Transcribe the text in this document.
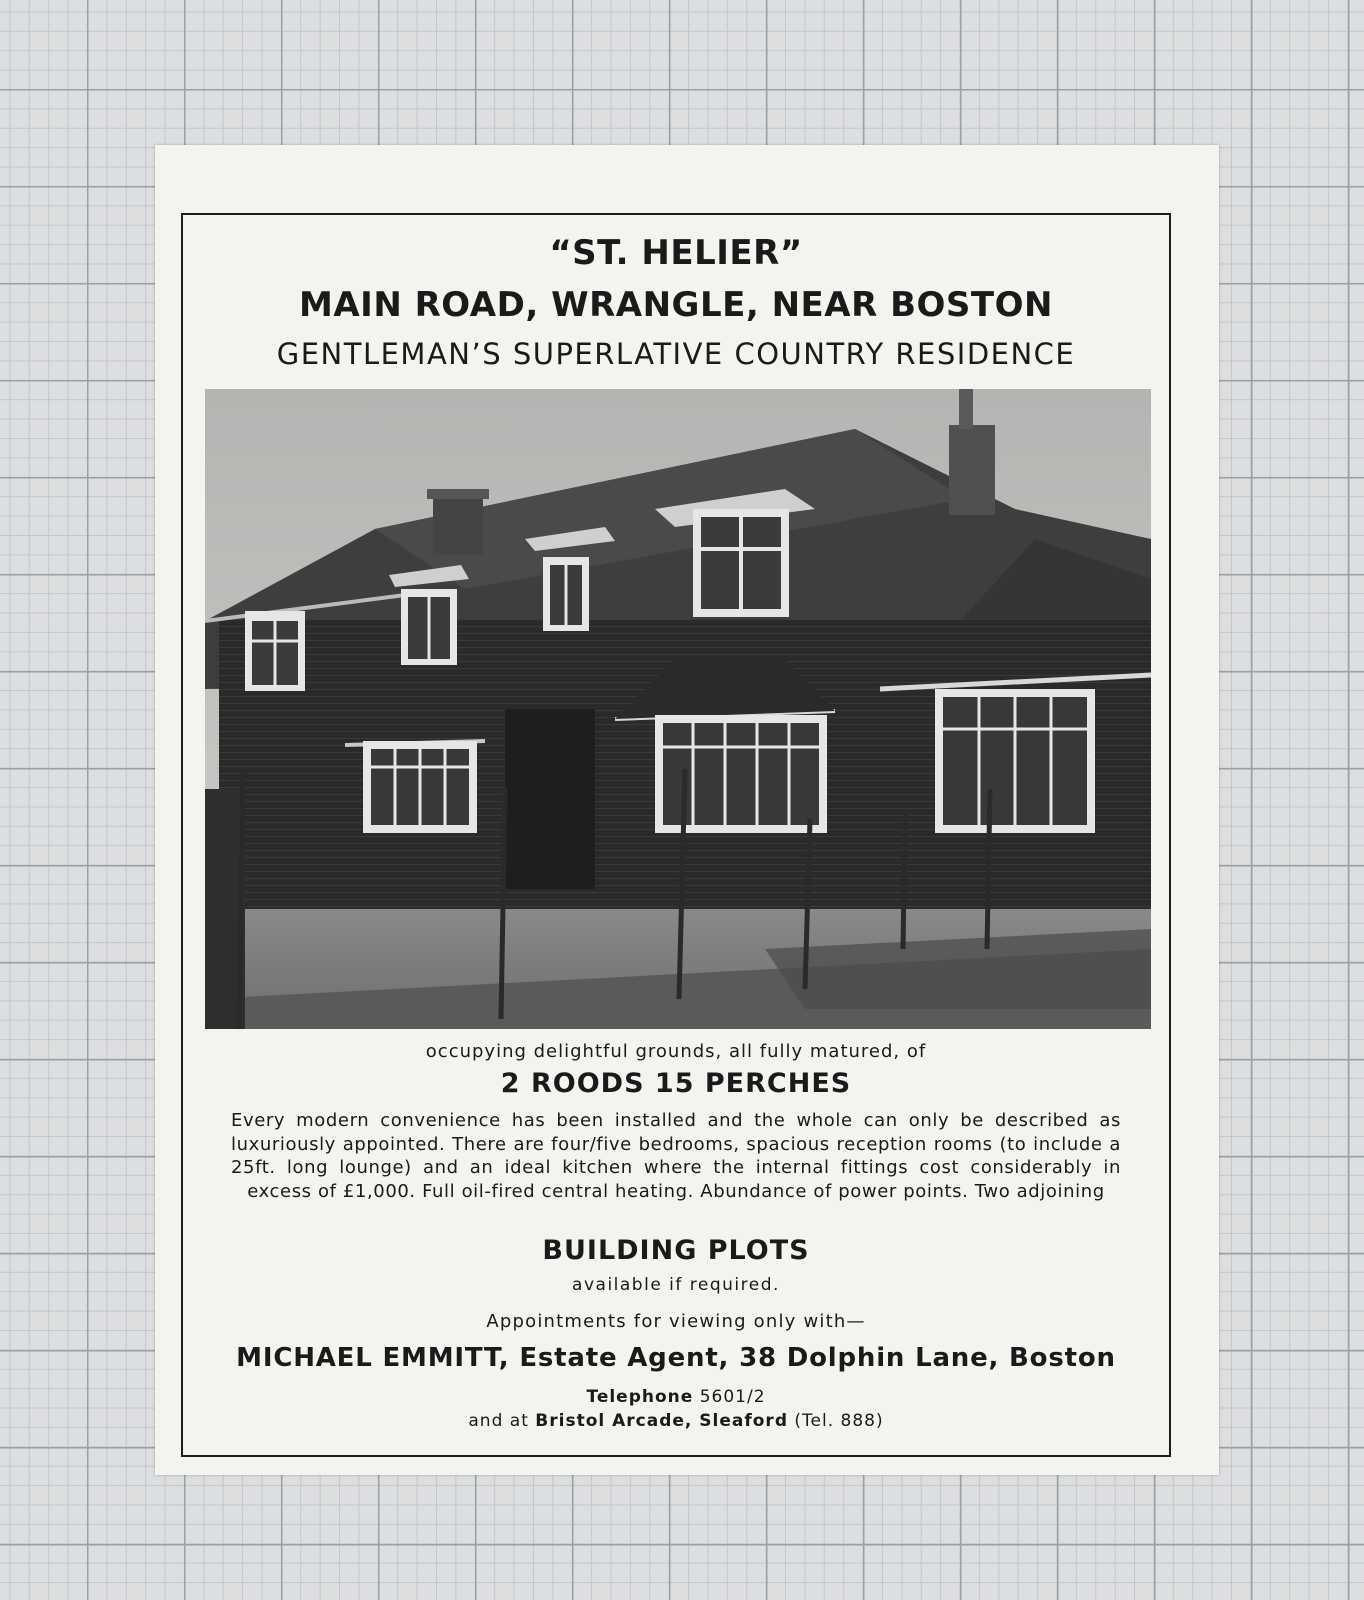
“ST. HELIER”
MAIN ROAD, WRANGLE, NEAR BOSTON
GENTLEMAN’S SUPERLATIVE COUNTRY RESIDENCE
occupying delightful grounds, all fully matured, of
2 ROODS 15 PERCHES
Every modern convenience has been installed and the whole can only be described as luxuriously appointed. There are four/five bedrooms, spacious reception rooms (to include a 25ft. long lounge) and an ideal kitchen where the internal fittings cost considerably in excess of £1,000. Full oil-fired central heating. Abundance of power points. Two adjoining
BUILDING PLOTS
available if required.
Appointments for viewing only with—
MICHAEL EMMITT, Estate Agent, 38 Dolphin Lane, Boston
Telephone 5601/2
and at Bristol Arcade, Sleaford (Tel. 888)
